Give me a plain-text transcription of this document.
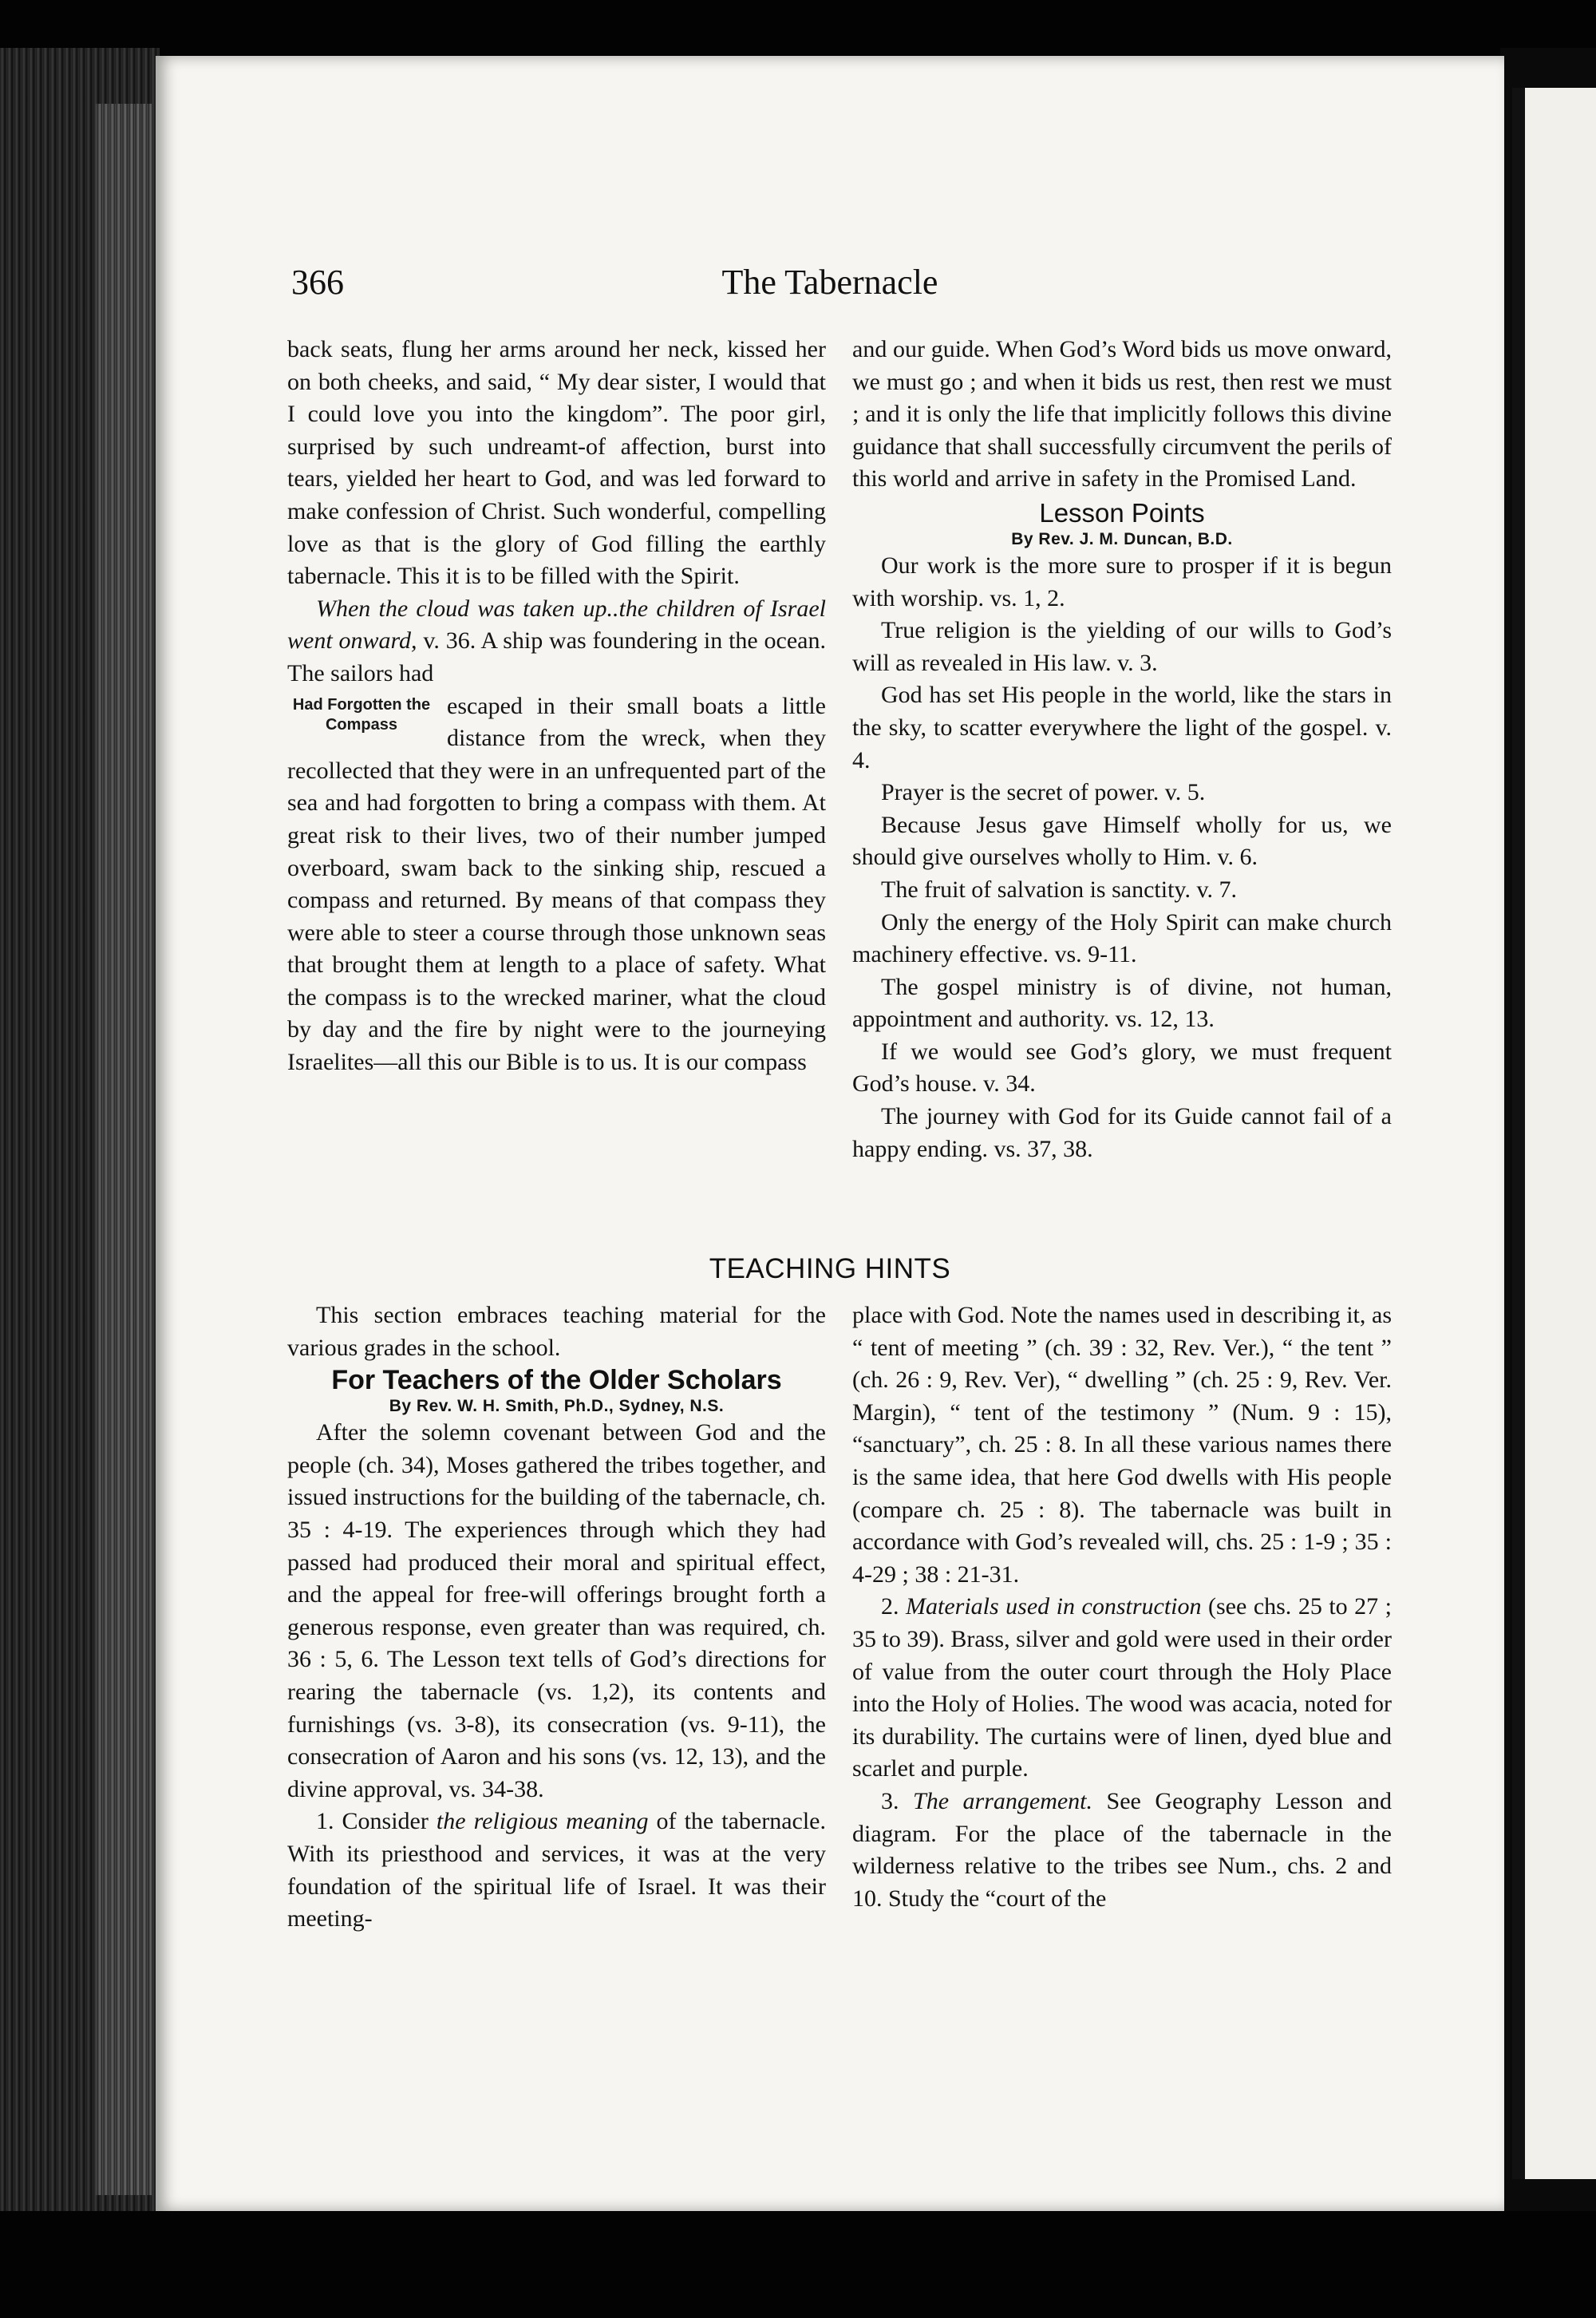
The Tabernacle
366

back seats, flung her arms around her neck, kissed her on both cheeks, and said, “ My dear sister, I would that I could love you into the kingdom”. The poor girl, surprised by such undreamt-of affection, burst into tears, yielded her heart to God, and was led forward to make confession of Christ. Such wonderful, compelling love as that is the glory of God filling the earthly tabernacle. This it is to be filled with the Spirit.

When the cloud was taken up..the children of Israel went onward, v. 36. A ship was foundering in the ocean. The sailors had

Had Forgotten the Compass

escaped in their small boats a little distance from the wreck, when they recollected that they were in an unfrequented part of the sea and had forgotten to bring a compass with them. At great risk to their lives, two of their number jumped overboard, swam back to the sinking ship, rescued a compass and returned. By means of that compass they were able to steer a course through those unknown seas that brought them at length to a place of safety. What the compass is to the wrecked mariner, what the cloud by day and the fire by night were to the journeying Israelites—all this our Bible is to us. It is our compass

and our guide. When God’s Word bids us move onward, we must go ; and when it bids us rest, then rest we must ; and it is only the life that implicitly follows this divine guidance that shall successfully circumvent the perils of this world and arrive in safety in the Promised Land.

Lesson Points
By Rev. J. M. Duncan, B.D.

Our work is the more sure to prosper if it is begun with worship. vs. 1, 2.

True religion is the yielding of our wills to God’s will as revealed in His law. v. 3.

God has set His people in the world, like the stars in the sky, to scatter everywhere the light of the gospel. v. 4.

Prayer is the secret of power. v. 5.

Because Jesus gave Himself wholly for us, we should give ourselves wholly to Him. v. 6.

The fruit of salvation is sanctity. v. 7.

Only the energy of the Holy Spirit can make church machinery effective. vs. 9-11.

The gospel ministry is of divine, not human, appointment and authority. vs. 12, 13.

If we would see God’s glory, we must frequent God’s house. v. 34.

The journey with God for its Guide cannot fail of a happy ending. vs. 37, 38.

TEACHING HINTS

This section embraces teaching material for the various grades in the school.

For Teachers of the Older Scholars
By Rev. W. H. Smith, Ph.D., Sydney, N.S.

After the solemn covenant between God and the people (ch. 34), Moses gathered the tribes together, and issued instructions for the building of the tabernacle, ch. 35 : 4-19. The experiences through which they had passed had produced their moral and spiritual effect, and the appeal for free-will offerings brought forth a generous response, even greater than was required, ch. 36 : 5, 6. The Lesson text tells of God’s directions for rearing the tabernacle (vs. 1,2), its contents and furnishings (vs. 3-8), its consecration (vs. 9-11), the consecration of Aaron and his sons (vs. 12, 13), and the divine approval, vs. 34-38.

1. Consider the religious meaning of the tabernacle. With its priesthood and services, it was at the very foundation of the spiritual life of Israel. It was their meeting-

place with God. Note the names used in describing it, as “ tent of meeting ” (ch. 39 : 32, Rev. Ver.), “ the tent ” (ch. 26 : 9, Rev. Ver), “ dwelling ” (ch. 25 : 9, Rev. Ver. Margin), “ tent of the testimony ” (Num. 9 : 15), “sanctuary”, ch. 25 : 8. In all these various names there is the same idea, that here God dwells with His people (compare ch. 25 : 8). The tabernacle was built in accordance with God’s revealed will, chs. 25 : 1-9 ; 35 : 4-29 ; 38 : 21-31.

2. Materials used in construction (see chs. 25 to 27 ; 35 to 39). Brass, silver and gold were used in their order of value from the outer court through the Holy Place into the Holy of Holies. The wood was acacia, noted for its durability. The curtains were of linen, dyed blue and scarlet and purple.

3. The arrangement. See Geography Lesson and diagram. For the place of the tabernacle in the wilderness relative to the tribes see Num., chs. 2 and 10. Study the “court of the
